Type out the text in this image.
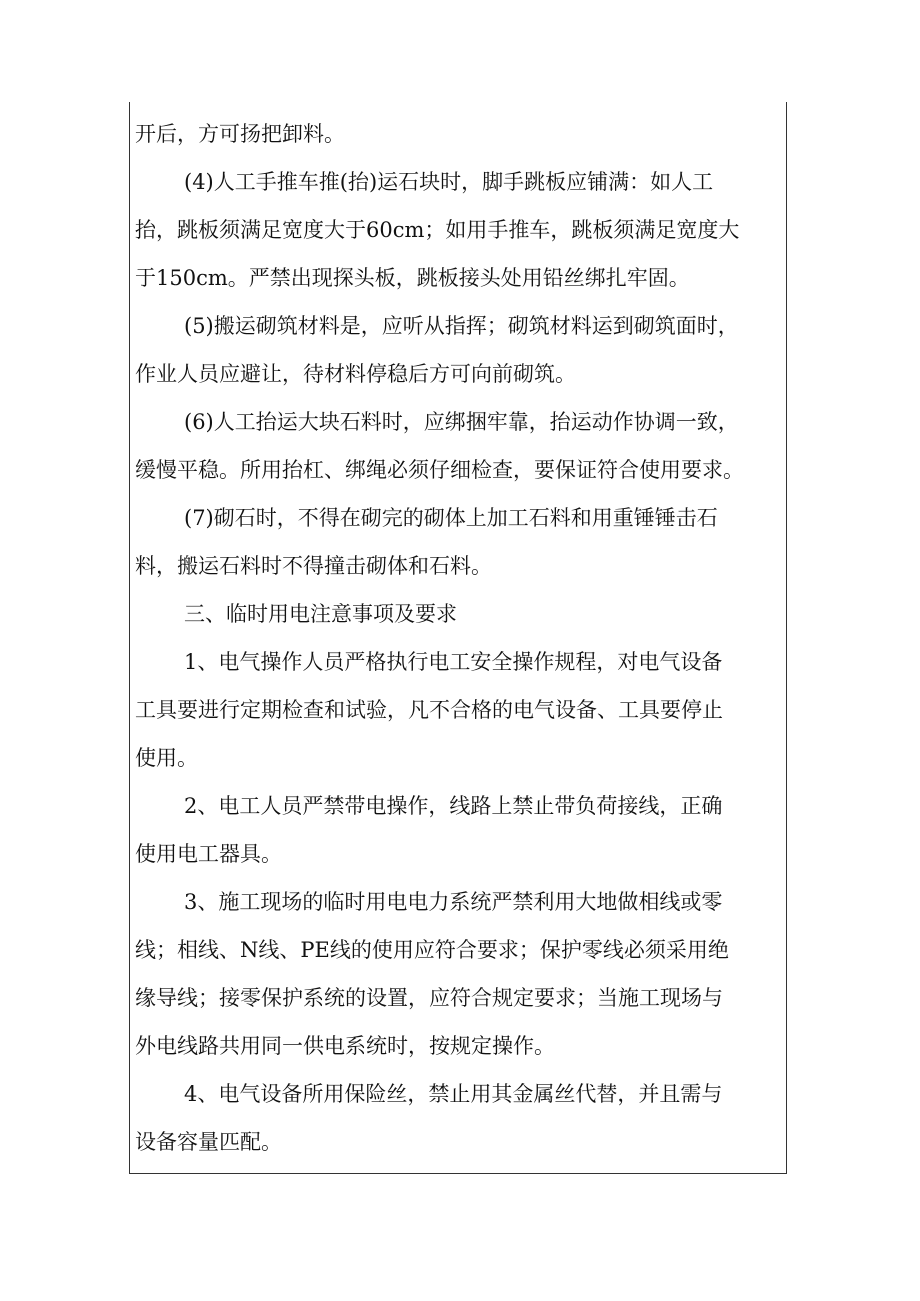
开后，方可扬把卸料。
(4)人工手推车推(抬)运石块时，脚手跳板应铺满：如人工
抬，跳板须满足宽度大于60cm；如用手推车，跳板须满足宽度大
于150cm。严禁出现探头板，跳板接头处用铅丝绑扎牢固。
(5)搬运砌筑材料是，应听从指挥；砌筑材料运到砌筑面时，
作业人员应避让，待材料停稳后方可向前砌筑。
(6)人工抬运大块石料时，应绑捆牢靠，抬运动作协调一致，
缓慢平稳。所用抬杠、绑绳必须仔细检查，要保证符合使用要求。
(7)砌石时，不得在砌完的砌体上加工石料和用重锤锤击石
料，搬运石料时不得撞击砌体和石料。
三、临时用电注意事项及要求
1、电气操作人员严格执行电工安全操作规程，对电气设备
工具要进行定期检查和试验，凡不合格的电气设备、工具要停止
使用。
2、电工人员严禁带电操作，线路上禁止带负荷接线，正确
使用电工器具。
3、施工现场的临时用电电力系统严禁利用大地做相线或零
线；相线、N线、PE线的使用应符合要求；保护零线必须采用绝
缘导线；接零保护系统的设置，应符合规定要求；当施工现场与
外电线路共用同一供电系统时，按规定操作。
4、电气设备所用保险丝，禁止用其金属丝代替，并且需与
设备容量匹配。
